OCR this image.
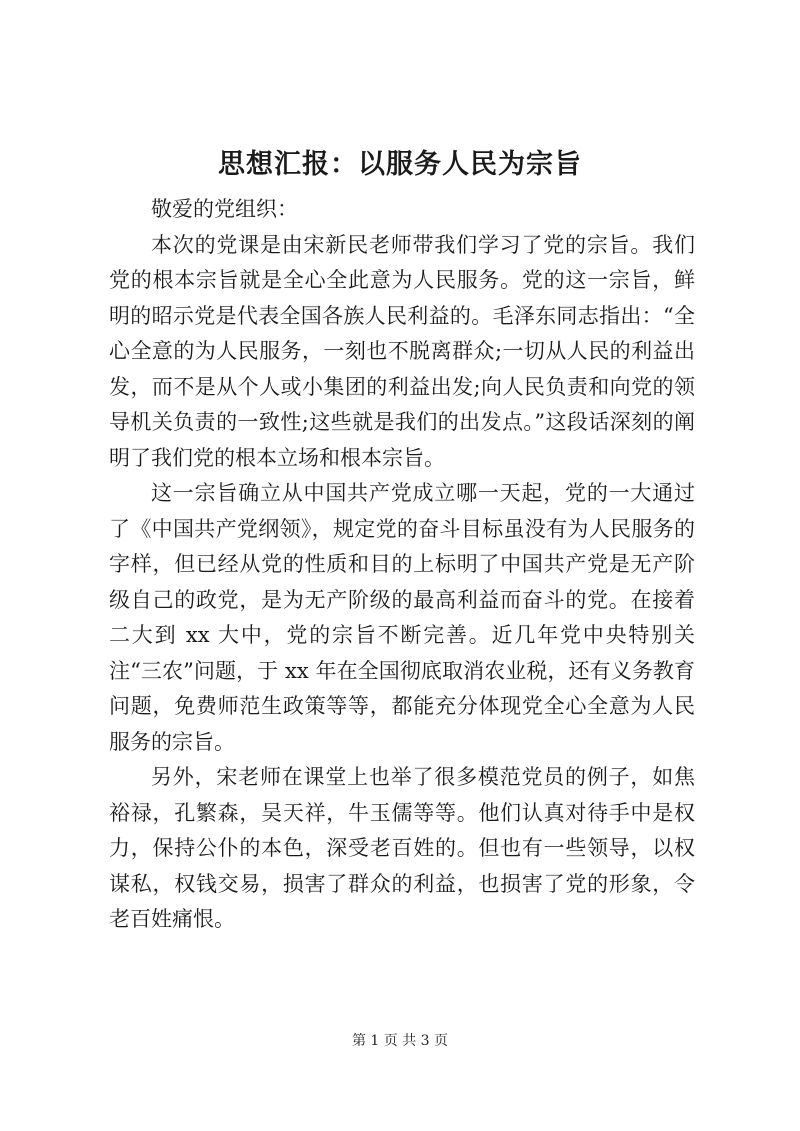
思想汇报：以服务人民为宗旨

敬爱的党组织：

本次的党课是由宋新民老师带我们学习了党的宗旨。我们党的根本宗旨就是全心全此意为人民服务。党的这一宗旨，鲜明的昭示党是代表全国各族人民利益的。毛泽东同志指出：“全心全意的为人民服务，一刻也不脱离群众;一切从人民的利益出发，而不是从个人或小集团的利益出发;向人民负责和向党的领导机关负责的一致性;这些就是我们的出发点。”这段话深刻的阐明了我们党的根本立场和根本宗旨。

这一宗旨确立从中国共产党成立哪一天起，党的一大通过了《中国共产党纲领》，规定党的奋斗目标虽没有为人民服务的字样，但已经从党的性质和目的上标明了中国共产党是无产阶级自己的政党，是为无产阶级的最高利益而奋斗的党。在接着二大到 xx 大中，党的宗旨不断完善。近几年党中央特别关注“三农”问题，于 xx 年在全国彻底取消农业税，还有义务教育问题，免费师范生政策等等，都能充分体现党全心全意为人民服务的宗旨。

另外，宋老师在课堂上也举了很多模范党员的例子，如焦裕禄，孔繁森，吴天祥，牛玉儒等等。他们认真对待手中是权力，保持公仆的本色，深受老百姓的。但也有一些领导，以权谋私，权钱交易，损害了群众的利益，也损害了党的形象，令老百姓痛恨。

第 1 页 共 3 页
